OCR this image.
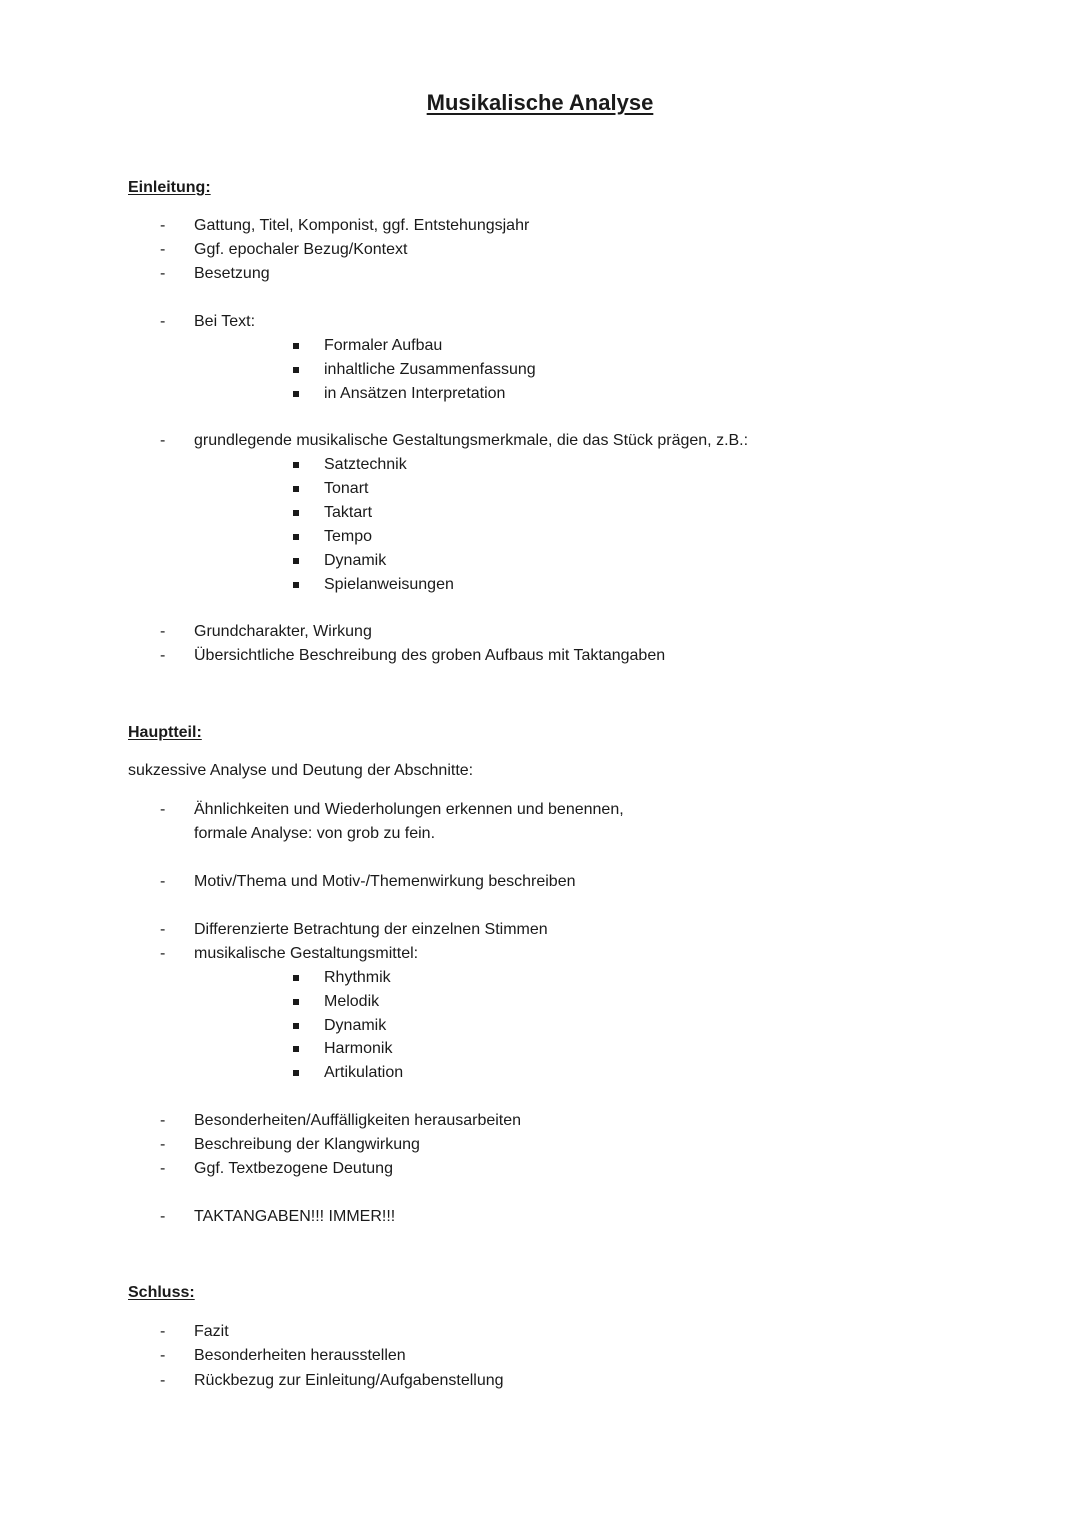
Musikalische Analyse
Einleitung:
-	Gattung, Titel, Komponist, ggf. Entstehungsjahr
-	Ggf. epochaler Bezug/Kontext
-	Besetzung
-	Bei Text:
Formaler Aufbau
inhaltliche Zusammenfassung
in Ansätzen Interpretation
-	grundlegende musikalische Gestaltungsmerkmale, die das Stück prägen, z.B.:
Satztechnik
Tonart
Taktart
Tempo
Dynamik
Spielanweisungen
-	Grundcharakter, Wirkung
-	Übersichtliche Beschreibung des groben Aufbaus mit Taktangaben
Hauptteil:
sukzessive Analyse und Deutung der Abschnitte:
-	Ähnlichkeiten und Wiederholungen erkennen und benennen,
formale Analyse: von grob zu fein.
-	Motiv/Thema und Motiv-/Themenwirkung beschreiben
-	Differenzierte Betrachtung der einzelnen Stimmen
-	musikalische Gestaltungsmittel:
Rhythmik
Melodik
Dynamik
Harmonik
Artikulation
-	Besonderheiten/Auffälligkeiten herausarbeiten
-	Beschreibung der Klangwirkung
-	Ggf. Textbezogene Deutung
-	TAKTANGABEN!!! IMMER!!!
Schluss:
-	Fazit
-	Besonderheiten herausstellen
-	Rückbezug zur Einleitung/Aufgabenstellung
